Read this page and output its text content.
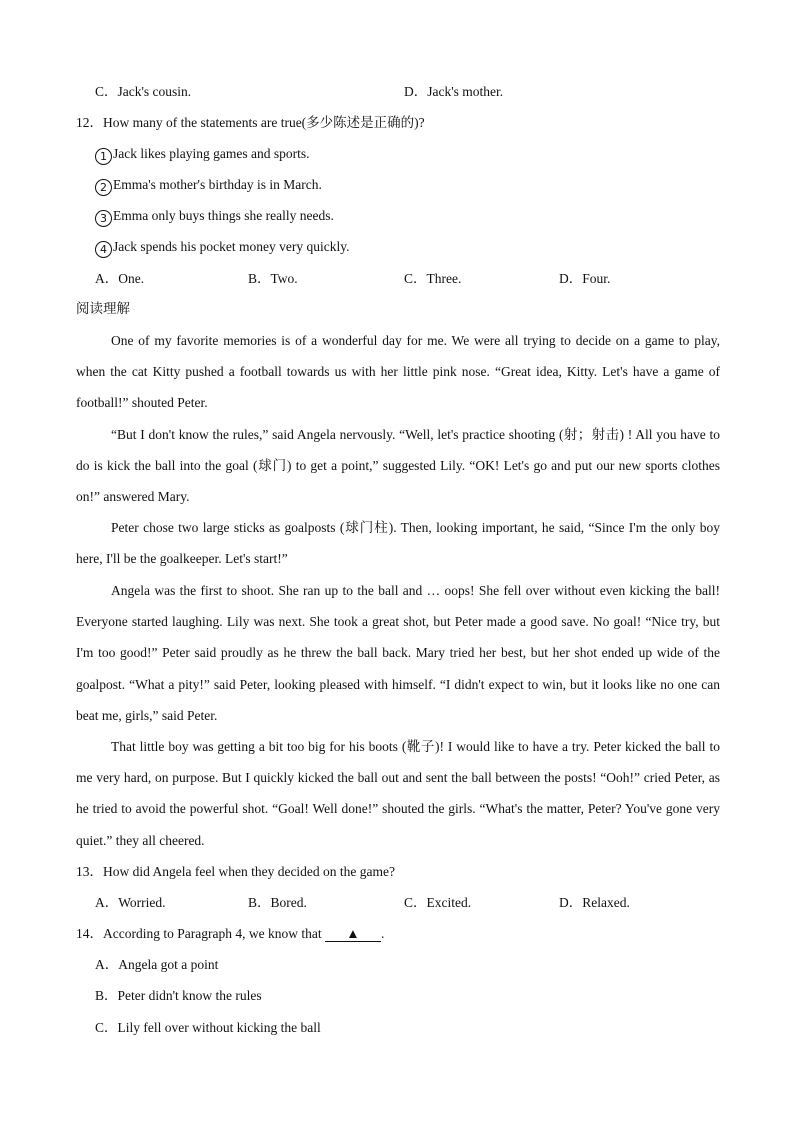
C．Jack's cousin.	D．Jack's mother.
12．How many of the statements are true(多少陈述是正确的)?
1 Jack likes playing games and sports.
2 Emma's mother's birthday is in March.
3 Emma only buys things she really needs.
4 Jack spends his pocket money very quickly.
A．One.	B．Two.	C．Three.	D．Four.
阅读理解
One of my favorite memories is of a wonderful day for me. We were all trying to decide on a game to play, when the cat Kitty pushed a football towards us with her little pink nose. “Great idea, Kitty. Let's have a game of football!” shouted Peter.
“But I don't know the rules,” said Angela nervously. “Well, let's practice shooting (射；射击) ! All you have to do is kick the ball into the goal (球门) to get a point,” suggested Lily. “OK! Let's go and put our new sports clothes on!” answered Mary.
Peter chose two large sticks as goalposts (球门柱). Then, looking important, he said, “Since I'm the only boy here, I'll be the goalkeeper. Let's start!”
Angela was the first to shoot. She ran up to the ball and … oops! She fell over without even kicking the ball! Everyone started laughing. Lily was next. She took a great shot, but Peter made a good save. No goal! “Nice try, but I'm too good!” Peter said proudly as he threw the ball back. Mary tried her best, but her shot ended up wide of the goalpost. “What a pity!” said Peter, looking pleased with himself. “I didn't expect to win, but it looks like no one can beat me, girls,” said Peter.
That little boy was getting a bit too big for his boots (靴子)! I would like to have a try. Peter kicked the ball to me very hard, on purpose. But I quickly kicked the ball out and sent the ball between the posts! “Ooh!” cried Peter, as he tried to avoid the powerful shot. “Goal! Well done!” shouted the girls. “What's the matter, Peter? You've gone very quiet.” they all cheered.
13．How did Angela feel when they decided on the game?
A．Worried.	B．Bored.	C．Excited.	D．Relaxed.
14．According to Paragraph 4, we know that ▲ .
A．Angela got a point
B．Peter didn't know the rules
C．Lily fell over without kicking the ball
